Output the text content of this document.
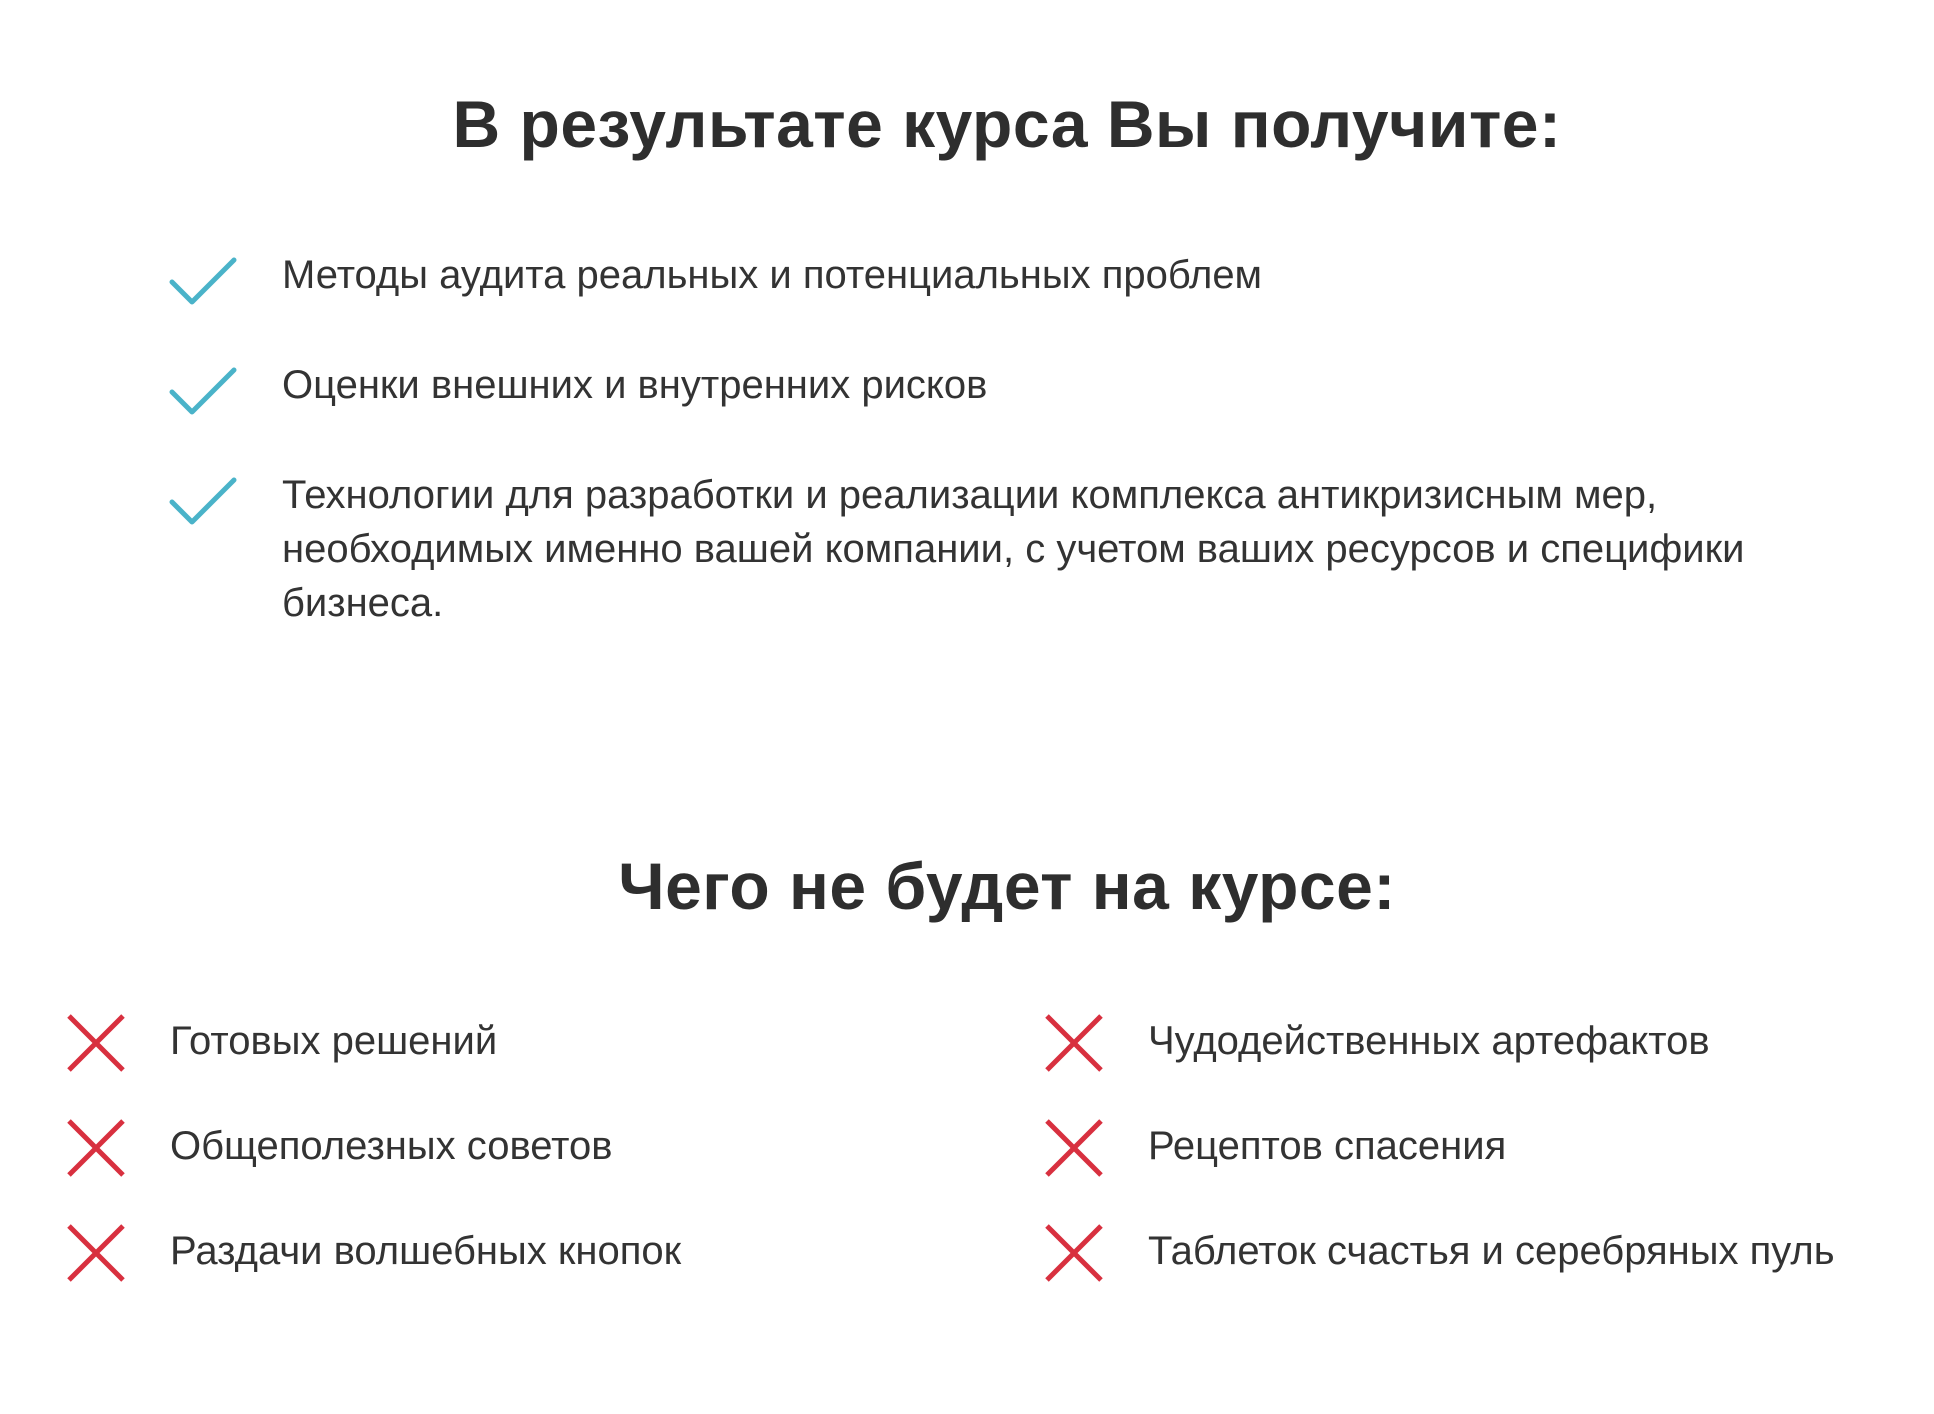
В результате курса Вы получите:
Методы аудита реальных и потенциальных проблем
Оценки внешних и внутренних рисков
Технологии для разработки и реализации комплекса антикризисным мер, необходимых именно вашей компании, с учетом ваших ресурсов и специфики бизнеса.
Чего не будет на курсе:
Готовых решений
Общеполезных советов
Раздачи волшебных кнопок
Чудодейственных артефактов
Рецептов спасения
Таблеток счастья и серебряных пуль
